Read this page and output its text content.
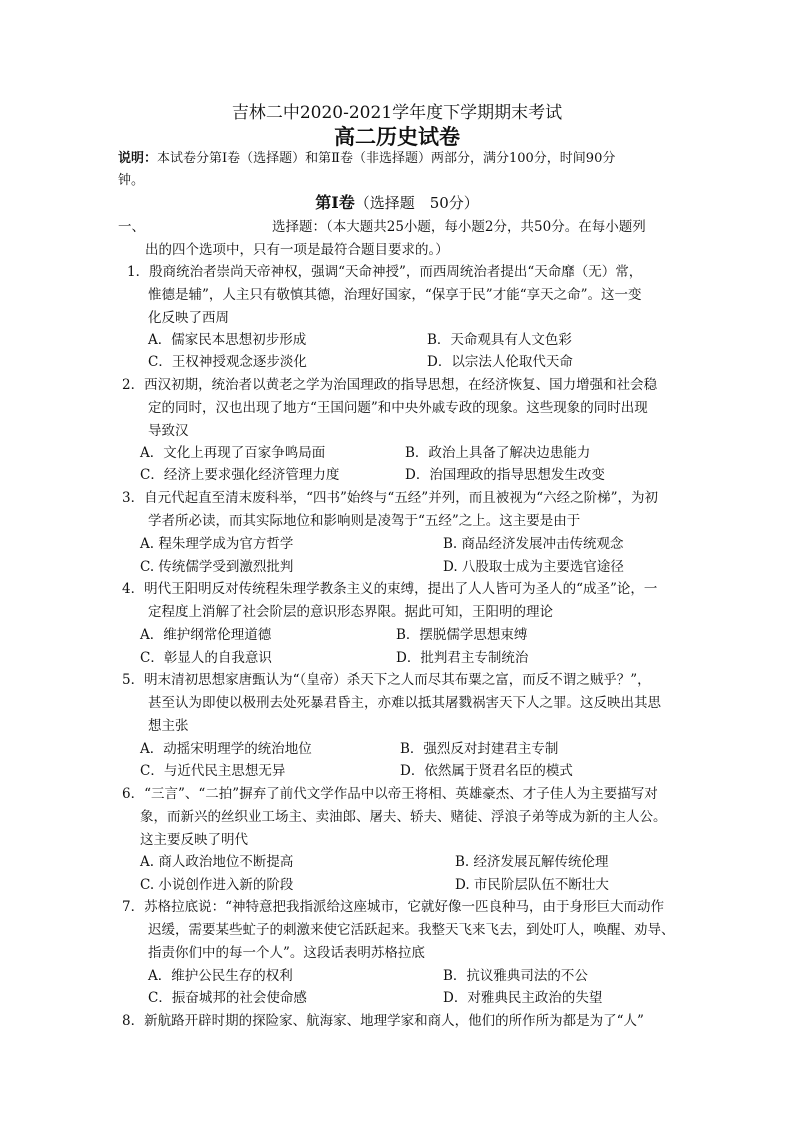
吉林二中2020-2021学年度下学期期末考试
高二历史试卷
说明：本试卷分第Ⅰ卷（选择题）和第Ⅱ卷（非选择题）两部分，满分100分，时间90分
钟。
第Ⅰ卷（选择题　50分）
一、	选择题：（本大题共25小题，每小题2分，共50分。在每小题列
出的四个选项中，只有一项是最符合题目要求的。）
1．殷商统治者崇尚天帝神权，强调“天命神授”，而西周统治者提出“天命靡（无）常，
惟德是辅”，人主只有敬慎其德，治理好国家，“保享于民”才能“享天之命”。这一变
化反映了西周
A．儒家民本思想初步形成	B．天命观具有人文色彩
C．王权神授观念逐步淡化	D．以宗法人伦取代天命
2．西汉初期，统治者以黄老之学为治国理政的指导思想，在经济恢复、国力增强和社会稳
定的同时，汉也出现了地方“王国问题”和中央外戚专政的现象。这些现象的同时出现
导致汉
A．文化上再现了百家争鸣局面	B．政治上具备了解决边患能力
C．经济上要求强化经济管理力度	D．治国理政的指导思想发生改变
3．自元代起直至清末废科举，“四书”始终与“五经”并列，而且被视为“六经之阶梯”，为初
学者所必读，而其实际地位和影响则是凌驾于“五经”之上。这主要是由于
A. 程朱理学成为官方哲学	B. 商品经济发展冲击传统观念
C. 传统儒学受到激烈批判	D. 八股取士成为主要选官途径
4．明代王阳明反对传统程朱理学教条主义的束缚，提出了人人皆可为圣人的“成圣”论，一
定程度上消解了社会阶层的意识形态界限。据此可知，王阳明的理论
A．维护纲常伦理道德	B．摆脱儒学思想束缚
C．彰显人的自我意识	D．批判君主专制统治
5．明末清初思想家唐甄认为“（皇帝）杀天下之人而尽其布粟之富，而反不谓之贼乎？”，
甚至认为即使以极刑去处死暴君昏主，亦难以抵其屠戮祸害天下人之罪。这反映出其思
想主张
A．动摇宋明理学的统治地位	B．强烈反对封建君主专制
C．与近代民主思想无异	D．依然属于贤君名臣的模式
6．“三言”、“二拍”摒弃了前代文学作品中以帝王将相、英雄豪杰、才子佳人为主要描写对
象，而新兴的丝织业工场主、卖油郎、屠夫、轿夫、赌徒、浮浪子弟等成为新的主人公。
这主要反映了明代
A. 商人政治地位不断提高	B. 经济发展瓦解传统伦理
C. 小说创作进入新的阶段	D. 市民阶层队伍不断壮大
7．苏格拉底说：“神特意把我指派给这座城市，它就好像一匹良种马，由于身形巨大而动作
迟缓，需要某些虻子的刺激来使它活跃起来。我整天飞来飞去，到处叮人，唤醒、劝导、
指责你们中的每一个人”。这段话表明苏格拉底
A．维护公民生存的权利	B．抗议雅典司法的不公
C．振奋城邦的社会使命感	D．对雅典民主政治的失望
8．新航路开辟时期的探险家、航海家、地理学家和商人，他们的所作所为都是为了“人”
